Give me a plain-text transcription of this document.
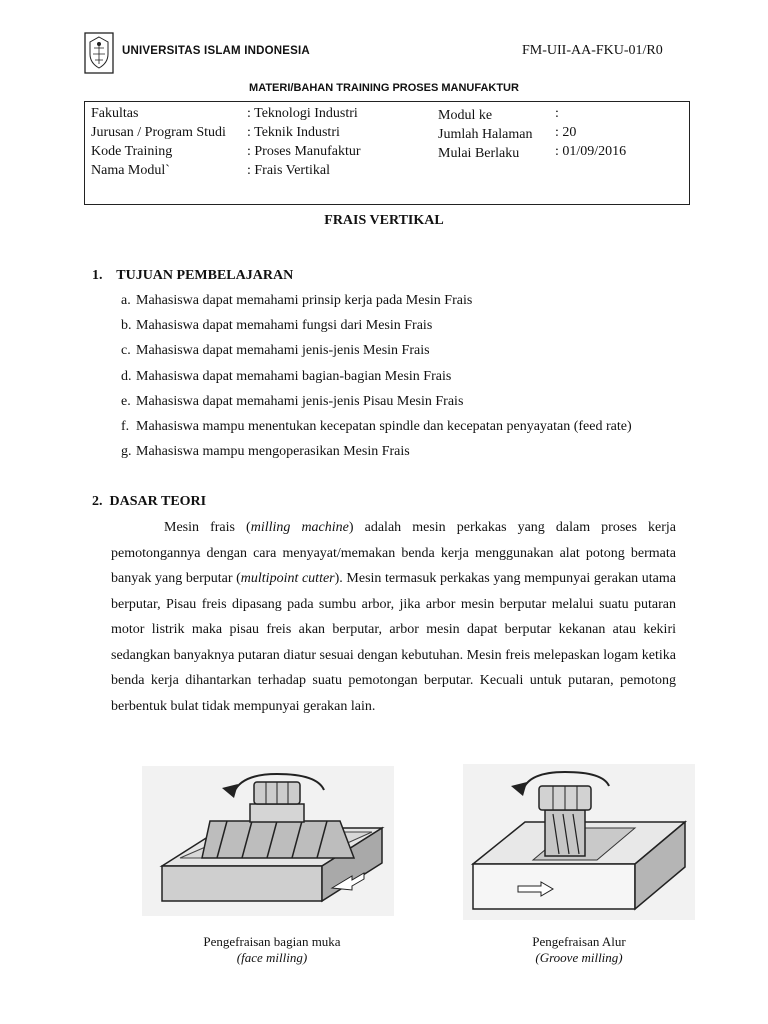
UNIVERSITAS ISLAM INDONESIA	FM-UII-AA-FKU-01/R0
MATERI/BAHAN TRAINING PROSES MANUFAKTUR
Fakultas
Jurusan / Program Studi
Kode Training
Nama Modul`
: Teknologi Industri
: Teknik Industri
: Proses Manufaktur
: Frais Vertikal
Modul ke
Jumlah Halaman
Mulai Berlaku
:
: 20
: 01/09/2016
FRAIS VERTIKAL
1.    TUJUAN PEMBELAJARAN
a. Mahasiswa dapat memahami prinsip kerja pada Mesin Frais
b. Mahasiswa dapat memahami fungsi dari Mesin Frais
c. Mahasiswa dapat memahami jenis-jenis Mesin Frais
d. Mahasiswa dapat memahami bagian-bagian Mesin Frais
e. Mahasiswa dapat memahami jenis-jenis Pisau Mesin Frais
f. Mahasiswa mampu menentukan kecepatan spindle dan kecepatan penyayatan (feed rate)
g. Mahasiswa mampu mengoperasikan Mesin Frais
2.  DASAR TEORI
Mesin frais (milling machine) adalah mesin perkakas yang dalam proses kerja pemotongannya dengan cara menyayat/memakan benda kerja menggunakan alat potong bermata banyak yang berputar (multipoint cutter). Mesin termasuk perkakas yang mempunyai gerakan utama berputar, Pisau freis dipasang pada sumbu arbor, jika arbor mesin berputar melalui suatu putaran motor listrik maka pisau freis akan berputar, arbor mesin dapat berputar kekanan atau kekiri sedangkan banyaknya putaran diatur sesuai dengan kebutuhan. Mesin freis melepaskan logam ketika benda kerja dihantarkan terhadap suatu pemotongan berputar. Kecuali untuk putaran, pemotong berbentuk bulat tidak mempunyai gerakan lain.
Pengefraisan bagian muka
(face milling)
Pengefraisan Alur
(Groove milling)
